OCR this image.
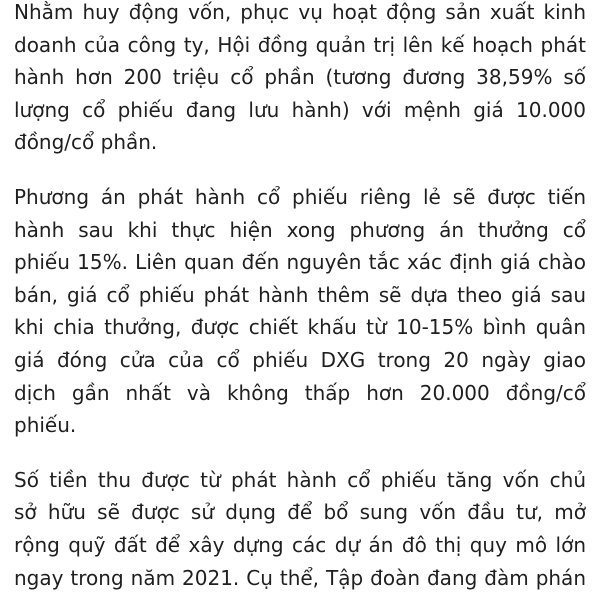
Nhằm huy động vốn, phục vụ hoạt động sản xuất kinh
doanh của công ty, Hội đồng quản trị lên kế hoạch phát
hành hơn 200 triệu cổ phần (tương đương 38,59% số
lượng cổ phiếu đang lưu hành) với mệnh giá 10.000
đồng/cổ phần.

Phương án phát hành cổ phiếu riêng lẻ sẽ được tiến
hành sau khi thực hiện xong phương án thưởng cổ
phiếu 15%. Liên quan đến nguyên tắc xác định giá chào
bán, giá cổ phiếu phát hành thêm sẽ dựa theo giá sau
khi chia thưởng, được chiết khấu từ 10-15% bình quân
giá đóng cửa của cổ phiếu DXG trong 20 ngày giao
dịch gần nhất và không thấp hơn 20.000 đồng/cổ
phiếu.

Số tiền thu được từ phát hành cổ phiếu tăng vốn chủ
sở hữu sẽ được sử dụng để bổ sung vốn đầu tư, mở
rộng quỹ đất để xây dựng các dự án đô thị quy mô lớn
ngay trong năm 2021. Cụ thể, Tập đoàn đang đàm phán
